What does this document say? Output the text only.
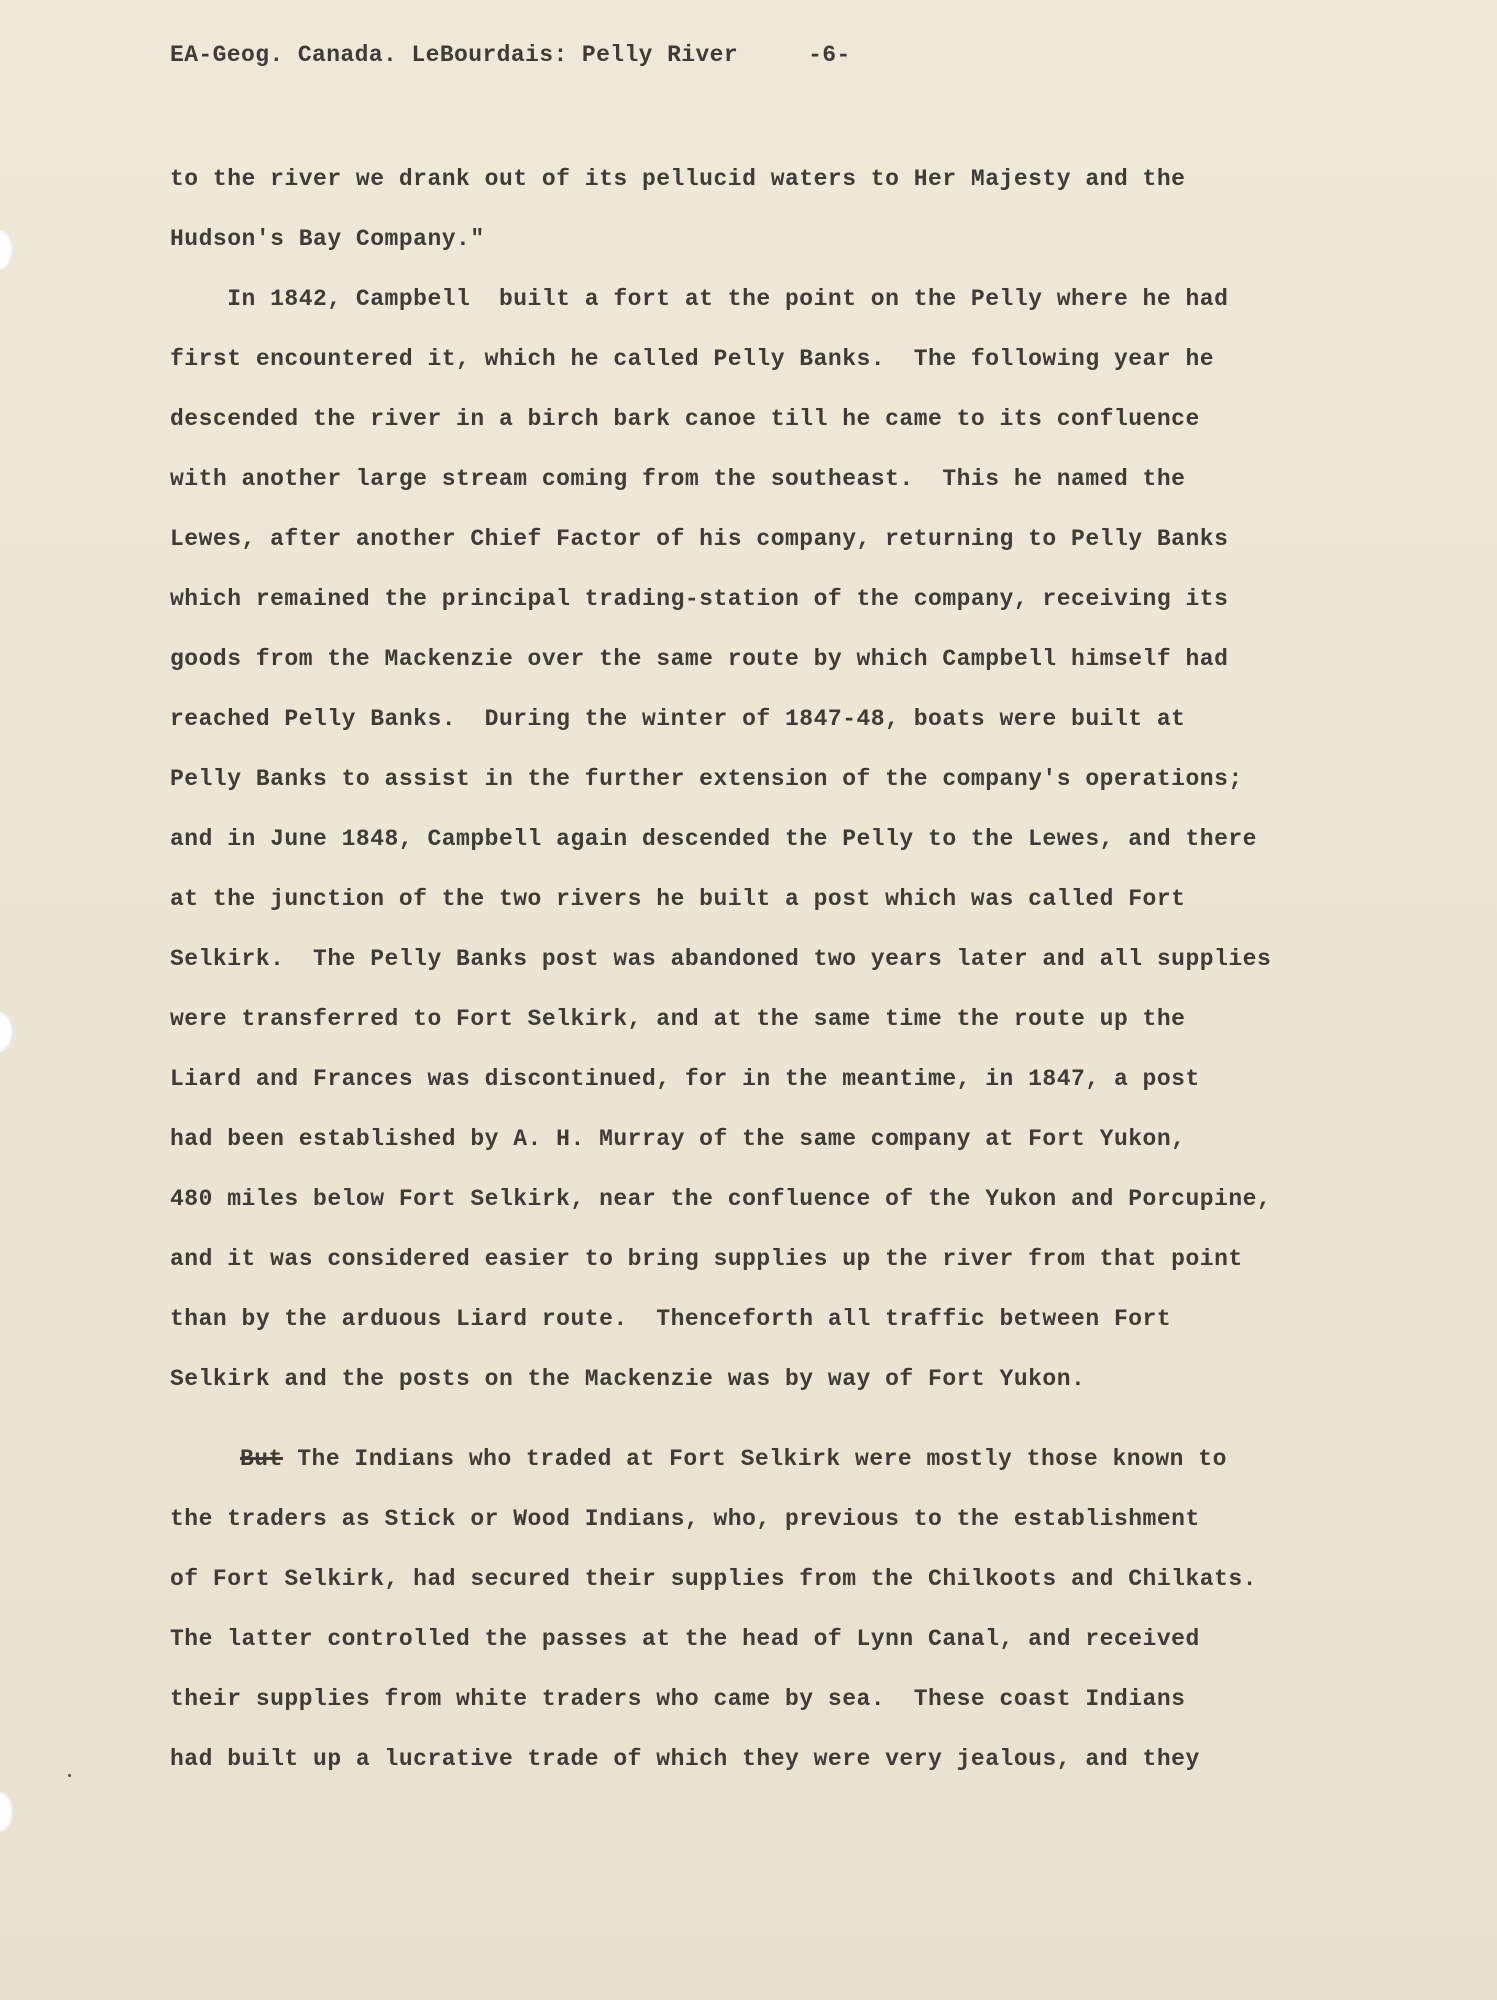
EA-Geog. Canada. LeBourdais: Pelly River	-6-
to the river we drank out of its pellucid waters to Her Majesty and the
Hudson's Bay Company."
In 1842, Campbell  built a fort at the point on the Pelly where he had
first encountered it, which he called Pelly Banks.  The following year he
descended the river in a birch bark canoe till he came to its confluence
with another large stream coming from the southeast.  This he named the
Lewes, after another Chief Factor of his company, returning to Pelly Banks
which remained the principal trading-station of the company, receiving its
goods from the Mackenzie over the same route by which Campbell himself had
reached Pelly Banks.  During the winter of 1847-48, boats were built at
Pelly Banks to assist in the further extension of the company's operations;
and in June 1848, Campbell again descended the Pelly to the Lewes, and there
at the junction of the two rivers he built a post which was called Fort
Selkirk.  The Pelly Banks post was abandoned two years later and all supplies
were transferred to Fort Selkirk, and at the same time the route up the
Liard and Frances was discontinued, for in the meantime, in 1847, a post
had been established by A. H. Murray of the same company at Fort Yukon,
480 miles below Fort Selkirk, near the confluence of the Yukon and Porcupine,
and it was considered easier to bring supplies up the river from that point
than by the arduous Liard route.  Thenceforth all traffic between Fort
Selkirk and the posts on the Mackenzie was by way of Fort Yukon.
But The Indians who traded at Fort Selkirk were mostly those known to
the traders as Stick or Wood Indians, who, previous to the establishment
of Fort Selkirk, had secured their supplies from the Chilkoots and Chilkats.
The latter controlled the passes at the head of Lynn Canal, and received
their supplies from white traders who came by sea.  These coast Indians
had built up a lucrative trade of which they were very jealous, and they
